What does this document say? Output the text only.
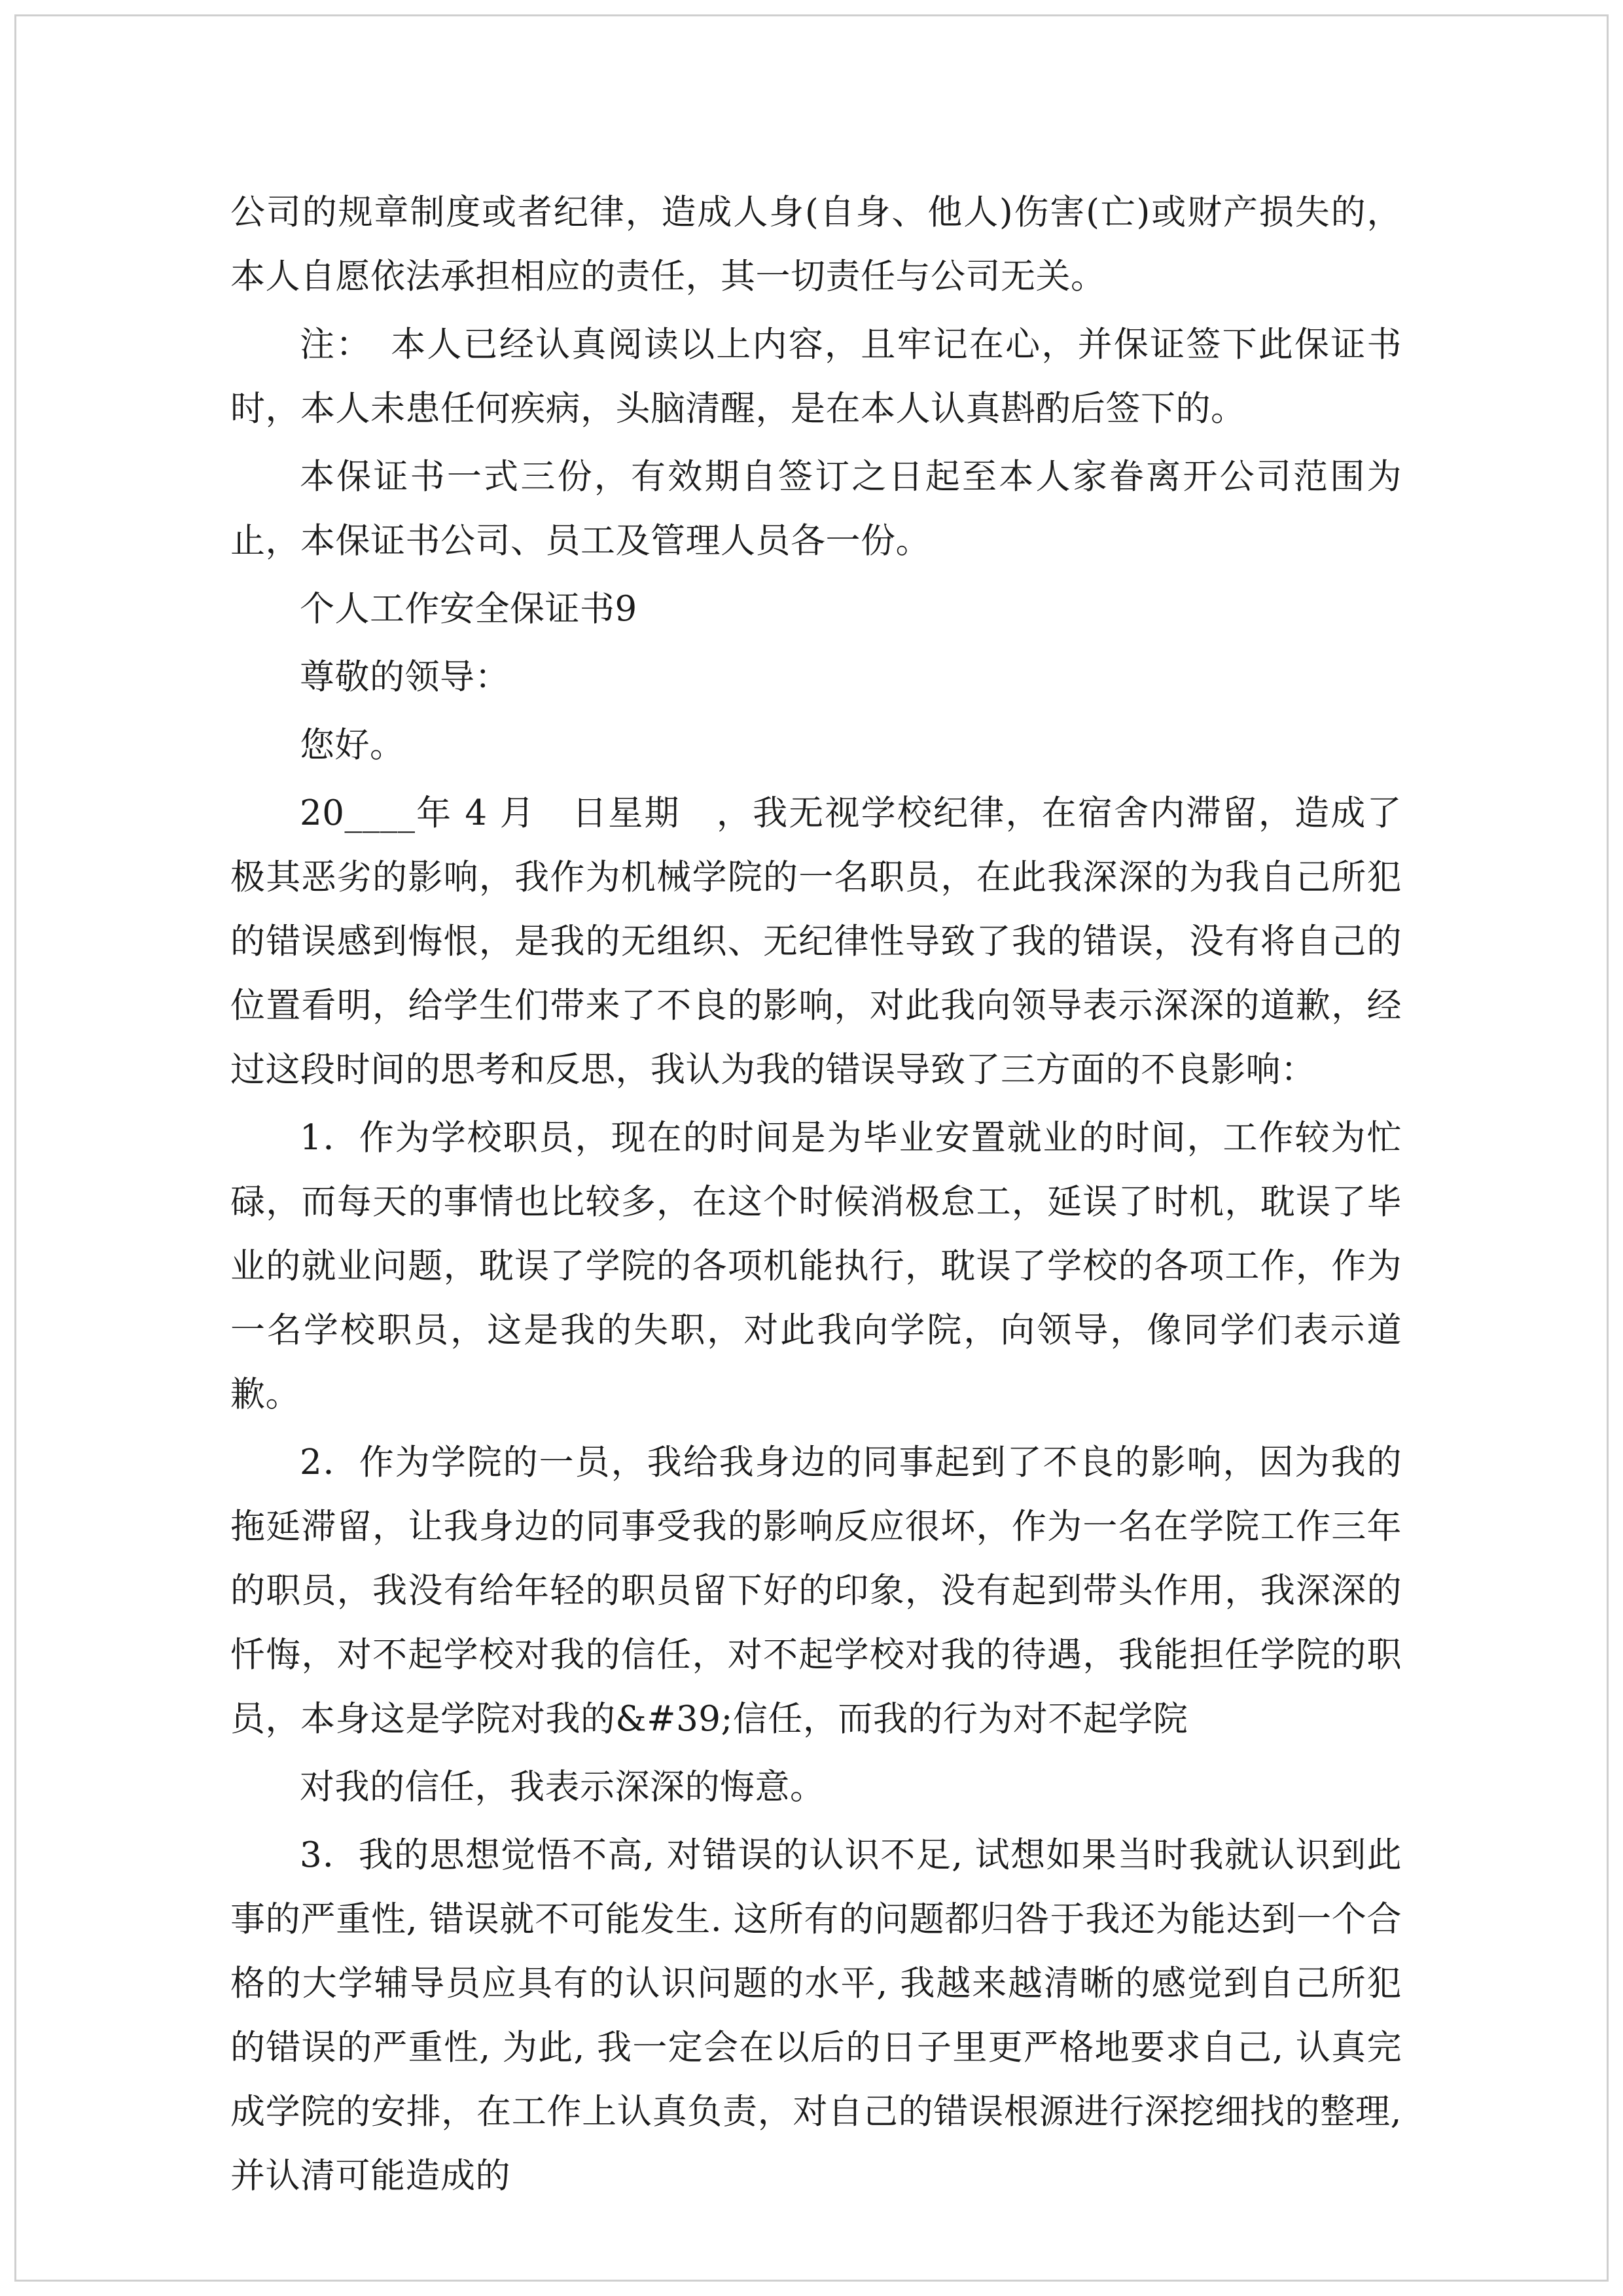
公司的规章制度或者纪律，造成人身(自身、他人)伤害(亡)或财产损失的，本人自愿依法承担相应的责任，其一切责任与公司无关。

注：　本人已经认真阅读以上内容，且牢记在心，并保证签下此保证书时，本人未患任何疾病，头脑清醒，是在本人认真斟酌后签下的。

本保证书一式三份，有效期自签订之日起至本人家眷离开公司范围为止，本保证书公司、员工及管理人员各一份。

个人工作安全保证书9

尊敬的领导：

您好。

20____年 4 月　日星期　，我无视学校纪律，在宿舍内滞留，造成了极其恶劣的影响，我作为机械学院的一名职员，在此我深深的为我自己所犯的错误感到悔恨，是我的无组织、无纪律性导致了我的错误，没有将自己的位置看明，给学生们带来了不良的影响，对此我向领导表示深深的道歉，经过这段时间的思考和反思，我认为我的错误导致了三方面的不良影响：

1．作为学校职员，现在的时间是为毕业安置就业的时间，工作较为忙碌，而每天的事情也比较多，在这个时候消极怠工，延误了时机，耽误了毕业的就业问题，耽误了学院的各项机能执行，耽误了学校的各项工作，作为一名学校职员，这是我的失职，对此我向学院，向领导，像同学们表示道歉。

2．作为学院的一员，我给我身边的同事起到了不良的影响，因为我的拖延滞留，让我身边的同事受我的影响反应很坏，作为一名在学院工作三年的职员，我没有给年轻的职员留下好的印象，没有起到带头作用，我深深的忏悔，对不起学校对我的信任，对不起学校对我的待遇，我能担任学院的职员，本身这是学院对我的&#39;信任，而我的行为对不起学院

对我的信任，我表示深深的悔意。

3．我的思想觉悟不高, 对错误的认识不足, 试想如果当时我就认识到此事的严重性, 错误就不可能发生. 这所有的问题都归咎于我还为能达到一个合格的大学辅导员应具有的认识问题的水平, 我越来越清晰的感觉到自己所犯的错误的严重性, 为此, 我一定会在以后的日子里更严格地要求自己, 认真完成学院的安排，在工作上认真负责，对自己的错误根源进行深挖细找的整理, 并认清可能造成的
